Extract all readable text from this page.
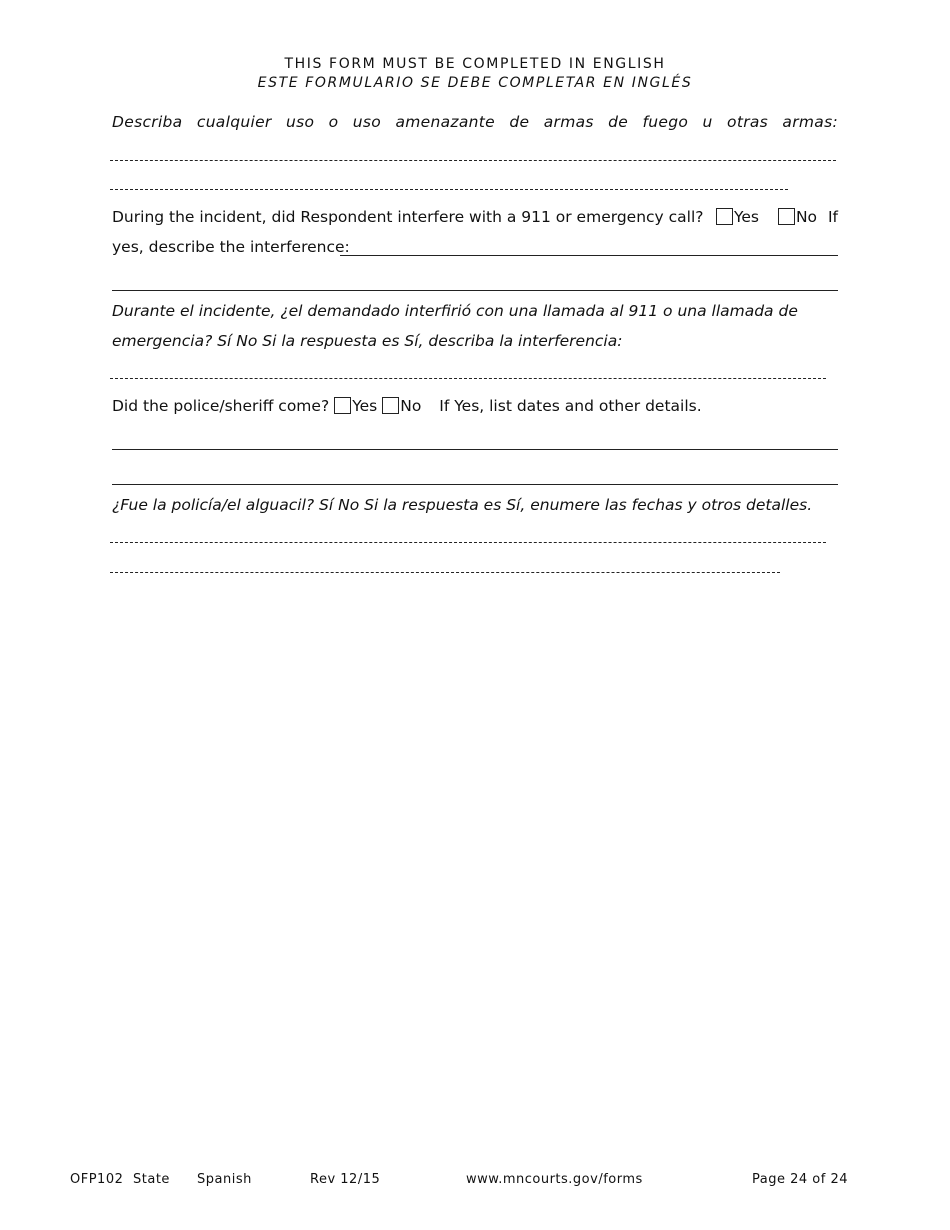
THIS FORM MUST BE COMPLETED IN ENGLISH
ESTE FORMULARIO SE DEBE COMPLETAR EN INGLÉS
Describa cualquier uso o uso amenazante de armas de fuego u otras armas:
During the incident, did Respondent interfere with a 911 or emergency call?	Yes No If
yes, describe the interference:
Durante el incidente, ¿el demandado interfirió con una llamada al 911 o una llamada de
emergencia? Sí No Si la respuesta es Sí, describa la interferencia:
Did the police/sheriff come? Yes No If Yes, list dates and other details.
¿Fue la policía/el alguacil? Sí No Si la respuesta es Sí, enumere las fechas y otros detalles.
OFP102 State Spanish	Rev 12/15	www.mncourts.gov/forms	Page 24 of 24
